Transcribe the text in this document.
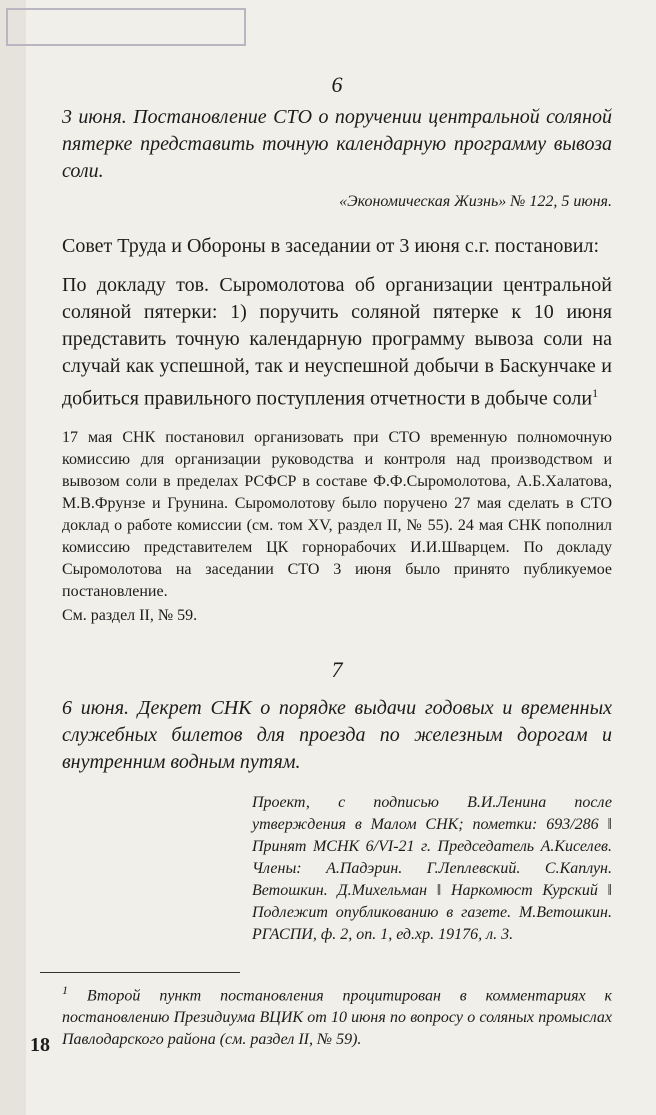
6

3 июня. Постановление СТО о поручении центральной соляной пятерке представить точную календарную программу вывоза соли.

«Экономическая Жизнь» № 122, 5 июня.

Совет Труда и Обороны в заседании от 3 июня с.г. постановил:

По докладу тов. Сыромолотова об организации центральной соляной пятерки: 1) поручить соляной пятерке к 10 июня представить точную календарную программу вывоза соли на случай как успешной, так и неуспешной добычи в Баскунчаке и добиться правильного поступления отчетности в добыче соли$^1$

17 мая СНК постановил организовать при СТО временную полномочную комиссию для организации руководства и контроля над производством и вывозом соли в пределах РСФСР в составе Ф.Ф.Сыромолотова, А.Б.Халатова, М.В.Фрунзе и Грунина. Сыромолотову было поручено 27 мая сделать в СТО доклад о работе комиссии (см. том XV, раздел II, № 55). 24 мая СНК пополнил комиссию представителем ЦК горнорабочих И.И.Шварцем. По докладу Сыромолотова на заседании СТО 3 июня было принято публикуемое постановление.

См. раздел II, № 59.

7

6 июня. Декрет СНК о порядке выдачи годовых и временных служебных билетов для проезда по железным дорогам и внутренним водным путям.

Проект, с подписью В.И.Ленина после утверждения в Малом СНК; пометки: 693/286 ‖ Принят МСНК 6/VI-21 г. Председатель А.Киселев. Члены: А.Падэрин. Г.Леплевский. С.Каплун. Ветошкин. Д.Михельман ‖ Наркомюст Курский ‖ Подлежит опубликованию в газете. М.Ветошкин. РГАСПИ, ф. 2, оп. 1, ед.хр. 19176, л. 3.

$^1$ Второй пункт постановления процитирован в комментариях к постановлению Президиума ВЦИК от 10 июня по вопросу о соляных промыслах Павлодарского района (см. раздел II, № 59).

18
